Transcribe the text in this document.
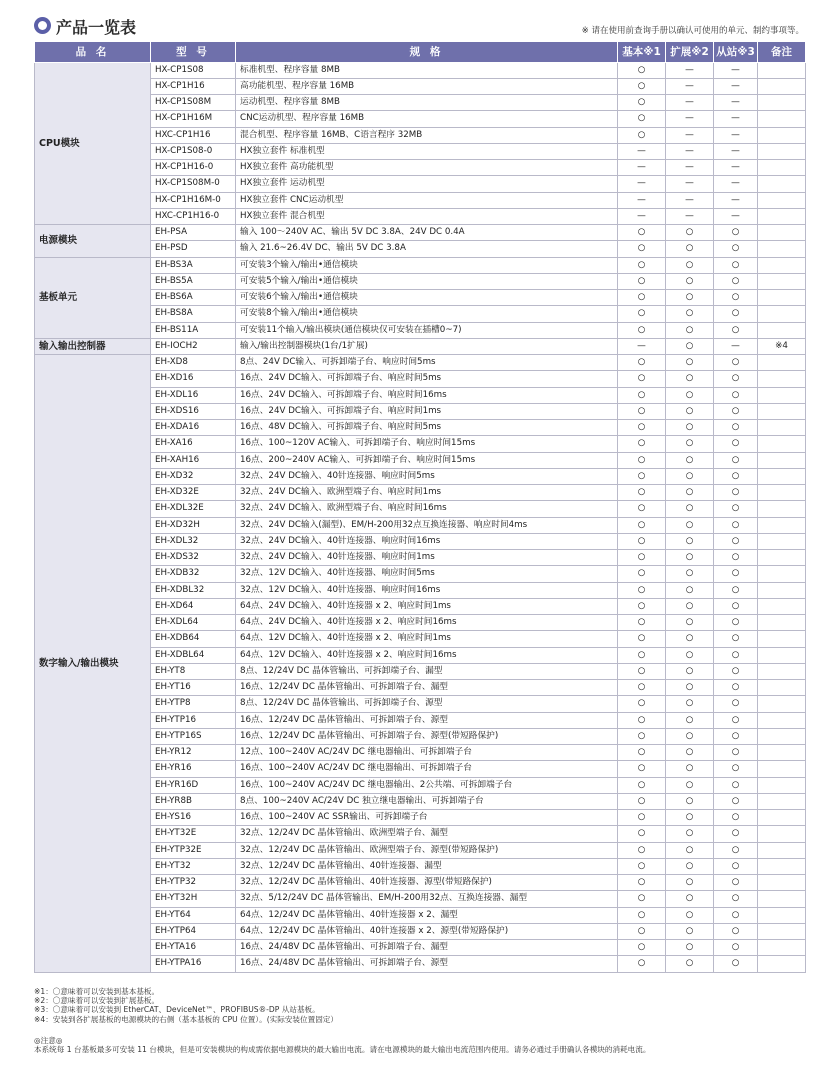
产品一览表	※ 请在使用前查询手册以确认可使用的单元、制约事项等。
品 名	型 号	规 格	基本※1	扩展※2	从站※3	备注
CPU模块	HX-CP1S08	标准机型、程序容量 8MB	○	—	—	
	HX-CP1H16	高功能机型、程序容量 16MB	○	—	—	
	HX-CP1S08M	运动机型、程序容量 8MB	○	—	—	
	HX-CP1H16M	CNC运动机型、程序容量 16MB	○	—	—	
	HXC-CP1H16	混合机型、程序容量 16MB、C语言程序 32MB	○	—	—	
	HX-CP1S08-0	HX独立套件 标准机型	—	—	—	
	HX-CP1H16-0	HX独立套件 高功能机型	—	—	—	
	HX-CP1S08M-0	HX独立套件 运动机型	—	—	—	
	HX-CP1H16M-0	HX独立套件 CNC运动机型	—	—	—	
	HXC-CP1H16-0	HX独立套件 混合机型	—	—	—	
电源模块	EH-PSA	输入 100～240V AC、输出 5V DC 3.8A、24V DC 0.4A	○	○	○	
	EH-PSD	输入 21.6~26.4V DC、输出 5V DC 3.8A	○	○	○	
基板单元	EH-BS3A	可安装3个输入/输出•通信模块	○	○	○	
	EH-BS5A	可安装5个输入/输出•通信模块	○	○	○	
	EH-BS6A	可安装6个输入/输出•通信模块	○	○	○	
	EH-BS8A	可安装8个输入/输出•通信模块	○	○	○	
	EH-BS11A	可安装11个输入/输出模块(通信模块仅可安装在插槽0~7)	○	○	○	
输入输出控制器	EH-IOCH2	输入/输出控制器模块(1台/1扩展)	—	○	—	※4
数字输入/输出模块	EH-XD8	8点、24V DC输入、可拆卸端子台、响应时间5ms	○	○	○	
	EH-XD16	16点、24V DC输入、可拆卸端子台、响应时间5ms	○	○	○	
	EH-XDL16	16点、24V DC输入、可拆卸端子台、响应时间16ms	○	○	○	
	EH-XDS16	16点、24V DC输入、可拆卸端子台、响应时间1ms	○	○	○	
	EH-XDA16	16点、48V DC输入、可拆卸端子台、响应时间5ms	○	○	○	
	EH-XA16	16点、100~120V AC输入、可拆卸端子台、响应时间15ms	○	○	○	
	EH-XAH16	16点、200~240V AC输入、可拆卸端子台、响应时间15ms	○	○	○	
	EH-XD32	32点、24V DC输入、40针连接器、响应时间5ms	○	○	○	
	EH-XD32E	32点、24V DC输入、欧洲型端子台、响应时间1ms	○	○	○	
	EH-XDL32E	32点、24V DC输入、欧洲型端子台、响应时间16ms	○	○	○	
	EH-XD32H	32点、24V DC输入(漏型)、EM/H-200用32点互换连接器、响应时间4ms	○	○	○	
	EH-XDL32	32点、24V DC输入、40针连接器、响应时间16ms	○	○	○	
	EH-XDS32	32点、24V DC输入、40针连接器、响应时间1ms	○	○	○	
	EH-XDB32	32点、12V DC输入、40针连接器、响应时间5ms	○	○	○	
	EH-XDBL32	32点、12V DC输入、40针连接器、响应时间16ms	○	○	○	
	EH-XD64	64点、24V DC输入、40针连接器 x 2、响应时间1ms	○	○	○	
	EH-XDL64	64点、24V DC输入、40针连接器 x 2、响应时间16ms	○	○	○	
	EH-XDB64	64点、12V DC输入、40针连接器 x 2、响应时间1ms	○	○	○	
	EH-XDBL64	64点、12V DC输入、40针连接器 x 2、响应时间16ms	○	○	○	
	EH-YT8	8点、12/24V DC 晶体管输出、可拆卸端子台、漏型	○	○	○	
	EH-YT16	16点、12/24V DC 晶体管输出、可拆卸端子台、漏型	○	○	○	
	EH-YTP8	8点、12/24V DC 晶体管输出、可拆卸端子台、源型	○	○	○	
	EH-YTP16	16点、12/24V DC 晶体管输出、可拆卸端子台、源型	○	○	○	
	EH-YTP16S	16点、12/24V DC 晶体管输出、可拆卸端子台、源型(带短路保护)	○	○	○	
	EH-YR12	12点、100~240V AC/24V DC 继电器输出、可拆卸端子台	○	○	○	
	EH-YR16	16点、100~240V AC/24V DC 继电器输出、可拆卸端子台	○	○	○	
	EH-YR16D	16点、100~240V AC/24V DC 继电器输出、2公共端、可拆卸端子台	○	○	○	
	EH-YR8B	8点、100~240V AC/24V DC 独立继电器输出、可拆卸端子台	○	○	○	
	EH-YS16	16点、100~240V AC SSR输出、可拆卸端子台	○	○	○	
	EH-YT32E	32点、12/24V DC 晶体管输出、欧洲型端子台、漏型	○	○	○	
	EH-YTP32E	32点、12/24V DC 晶体管输出、欧洲型端子台、源型(带短路保护)	○	○	○	
	EH-YT32	32点、12/24V DC 晶体管输出、40针连接器、漏型	○	○	○	
	EH-YTP32	32点、12/24V DC 晶体管输出、40针连接器、源型(带短路保护)	○	○	○	
	EH-YT32H	32点、5/12/24V DC 晶体管输出、EM/H-200用32点、互换连接器、漏型	○	○	○	
	EH-YT64	64点、12/24V DC 晶体管输出、40针连接器 x 2、漏型	○	○	○	
	EH-YTP64	64点、12/24V DC 晶体管输出、40针连接器 x 2、源型(带短路保护)	○	○	○	
	EH-YTA16	16点、24/48V DC 晶体管输出、可拆卸端子台、漏型	○	○	○	
	EH-YTPA16	16点、24/48V DC 晶体管输出、可拆卸端子台、源型	○	○	○	
※1：〇意味着可以安装到基本基板。
※2：〇意味着可以安装到扩展基板。
※3：〇意味着可以安装到 EtherCAT、DeviceNet™、PROFIBUS®-DP 从站基板。
※4：安装到各扩展基板的电源模块的右侧（基本基板的 CPU 位置）。(实际安装位置固定）
◎注意◎
本系统每 1 台基板最多可安装 11 台模块，但是可安装模块的构成需依据电源模块的最大输出电流。请在电源模块的最大输出电流范围内使用。请务必通过手册确认各模块的消耗电流。
